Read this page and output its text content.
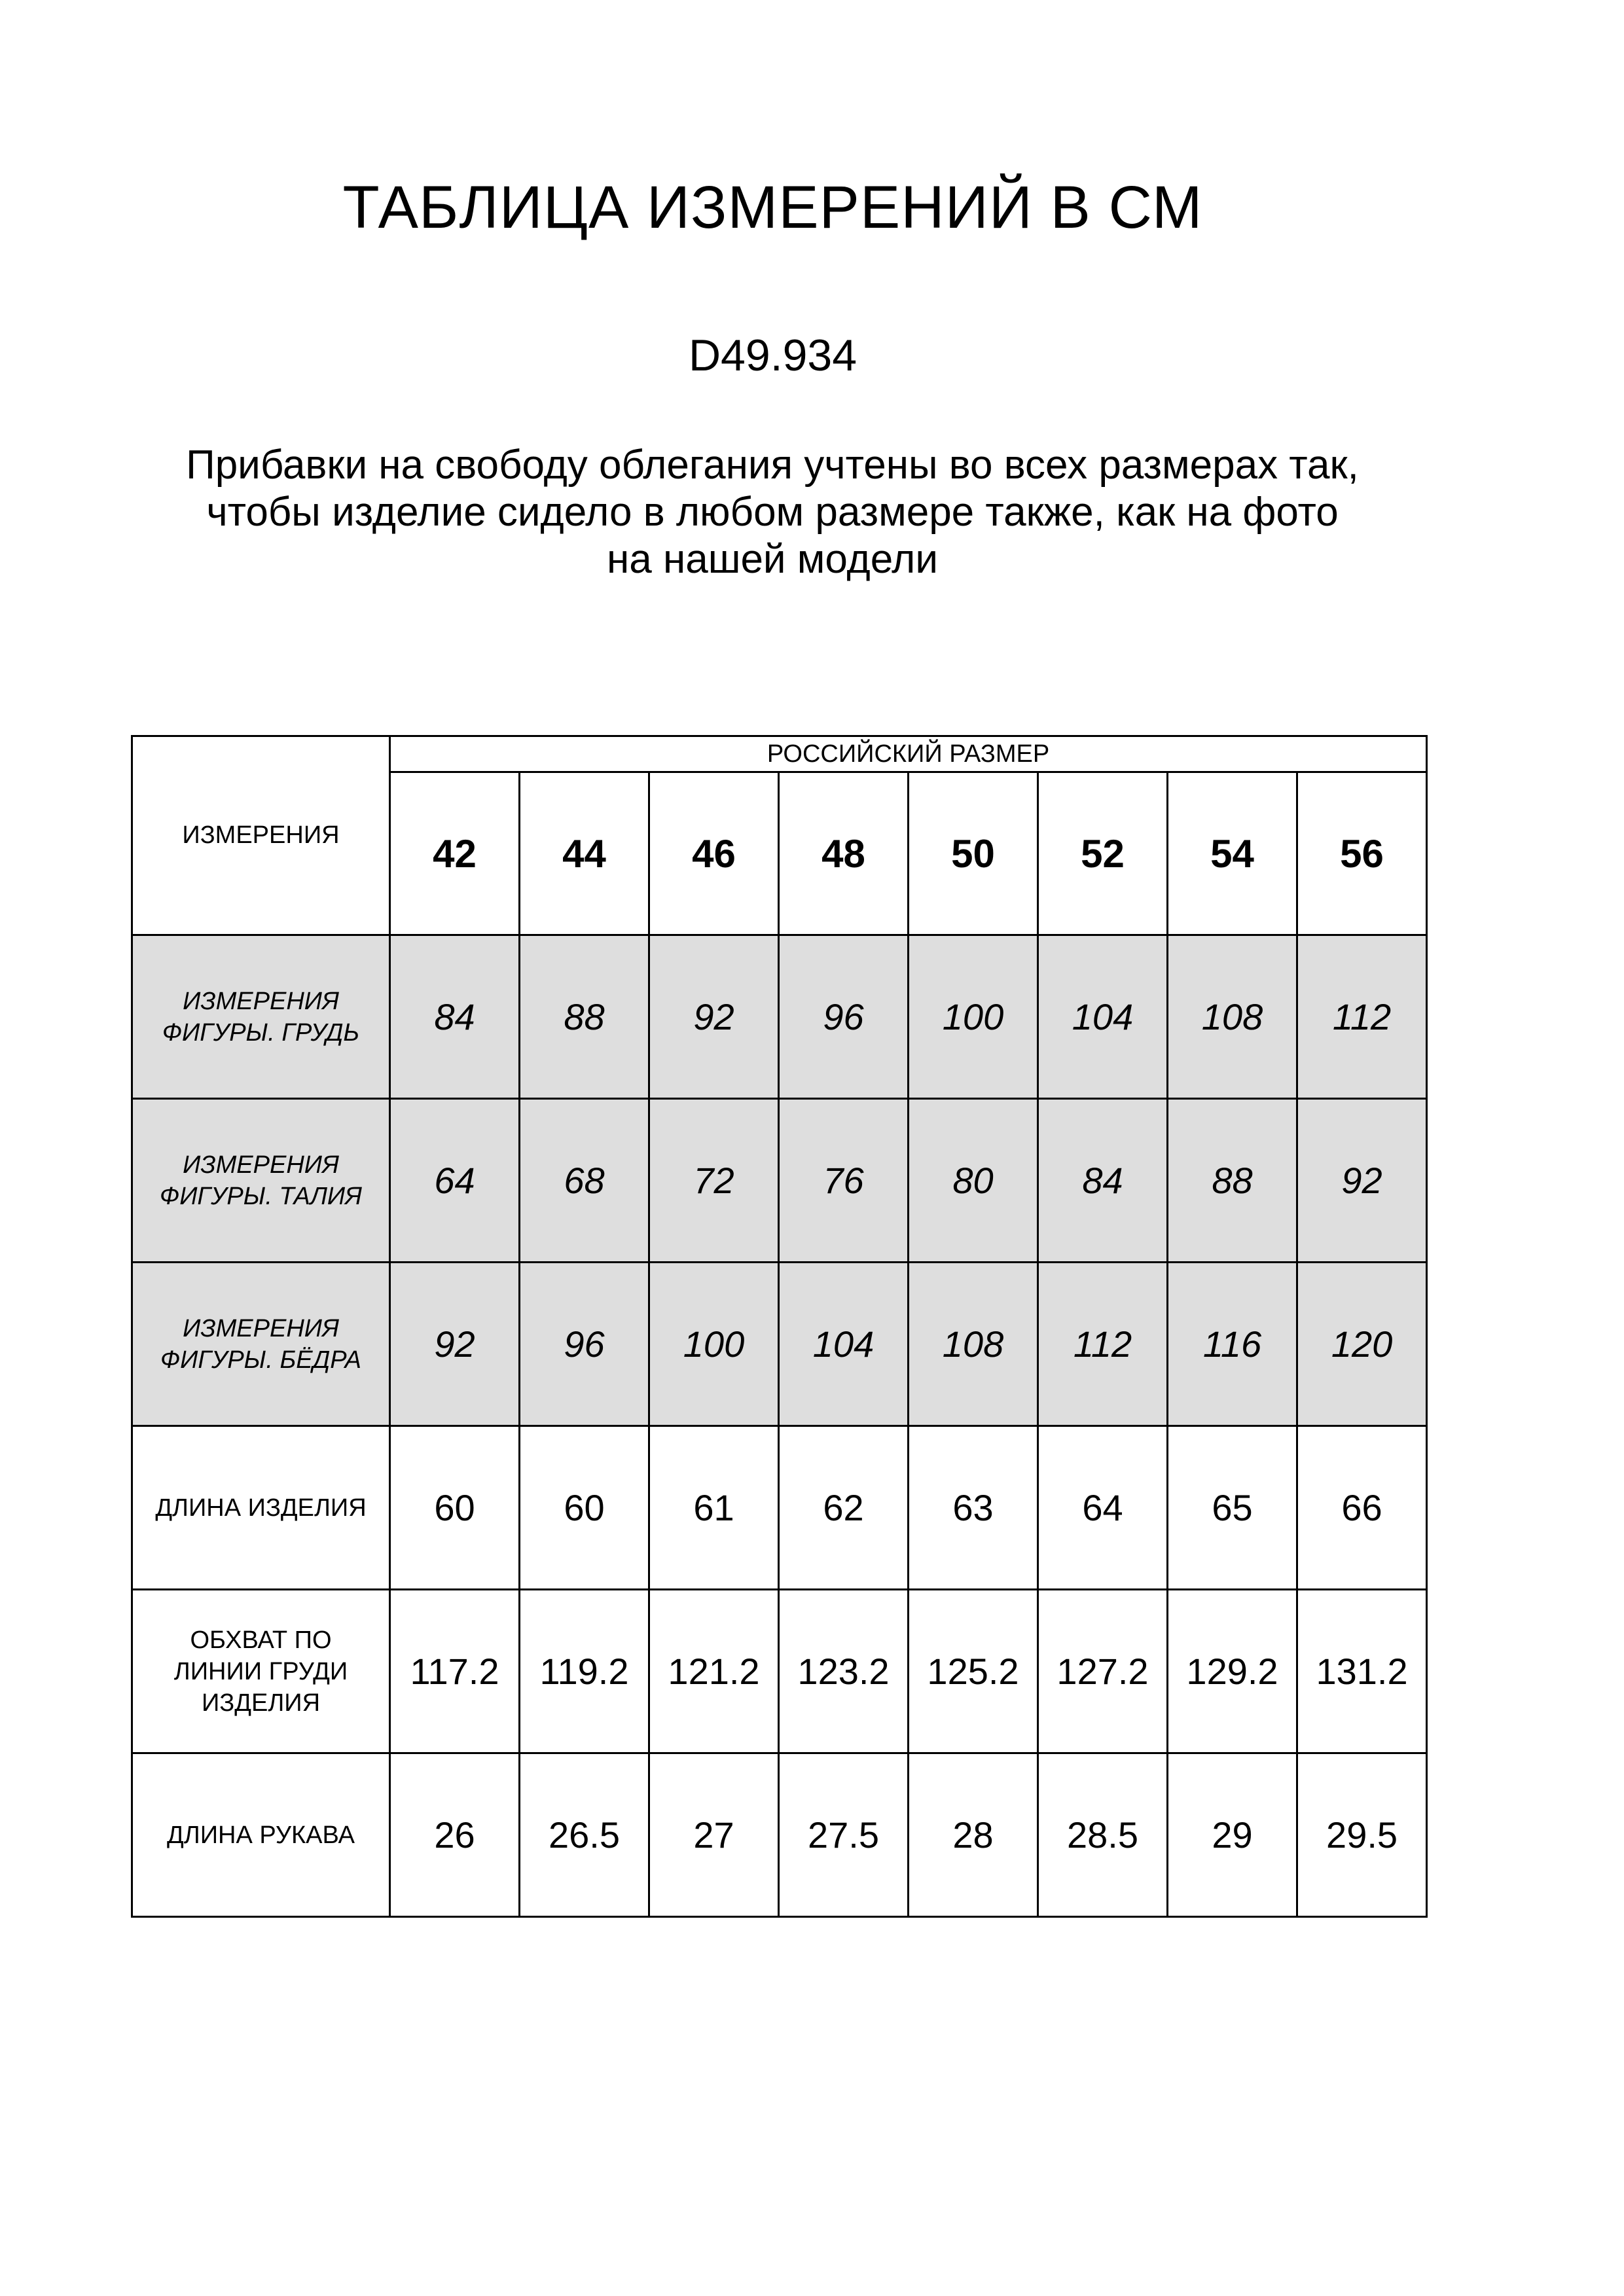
ТАБЛИЦА ИЗМЕРЕНИЙ В СМ
D49.934
Прибавки на свободу облегания учтены во всех размерах так,
чтобы изделие сидело в любом размере также, как на фото
на нашей модели
ИЗМЕРЕНИЯ	РОССИЙСКИЙ РАЗМЕР							
	42	44	46	48	50	52	54	56

ИЗМЕРЕНИЯ
ФИГУРЫ. ГРУДЬ	84	88	92	96	100	104	108	112

ИЗМЕРЕНИЯ
ФИГУРЫ. ТАЛИЯ	64	68	72	76	80	84	88	92

ИЗМЕРЕНИЯ
ФИГУРЫ. БЁДРА	92	96	100	104	108	112	116	120

ДЛИНА ИЗДЕЛИЯ	60	60	61	62	63	64	65	66

ОБХВАТ ПО
ЛИНИИ ГРУДИ
ИЗДЕЛИЯ	117.2	119.2	121.2	123.2	125.2	127.2	129.2	131.2

ДЛИНА РУКАВА	26	26.5	27	27.5	28	28.5	29	29.5
